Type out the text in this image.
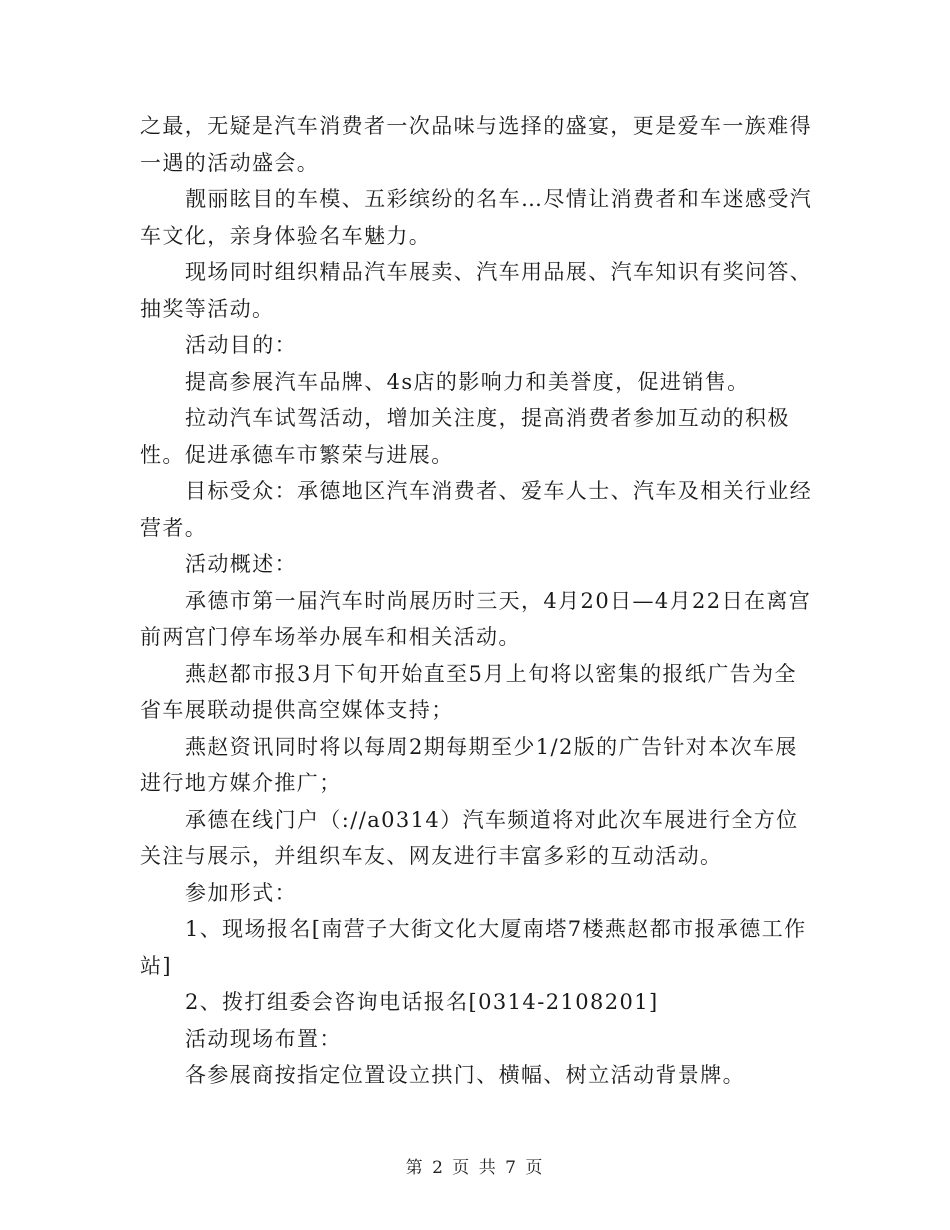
之最，无疑是汽车消费者一次品味与选择的盛宴，更是爱车一族难得一遇的活动盛会。

靓丽眩目的车模、五彩缤纷的名车…尽情让消费者和车迷感受汽车文化，亲身体验名车魅力。

现场同时组织精品汽车展卖、汽车用品展、汽车知识有奖问答、抽奖等活动。

活动目的：

提高参展汽车品牌、4s店的影响力和美誉度，促进销售。

拉动汽车试驾活动，增加关注度，提高消费者参加互动的积极性。促进承德车市繁荣与进展。

目标受众：承德地区汽车消费者、爱车人士、汽车及相关行业经营者。

活动概述：

承德市第一届汽车时尚展历时三天，4月20日—4月22日在离宫前两宫门停车场举办展车和相关活动。

燕赵都市报3月下旬开始直至5月上旬将以密集的报纸广告为全省车展联动提供高空媒体支持；

燕赵资讯同时将以每周2期每期至少1/2版的广告针对本次车展进行地方媒介推广；

承德在线门户（://a0314）汽车频道将对此次车展进行全方位关注与展示，并组织车友、网友进行丰富多彩的互动活动。

参加形式：

1、现场报名[南营子大街文化大厦南塔7楼燕赵都市报承德工作站]

2、拨打组委会咨询电话报名[0314-2108201]

活动现场布置：

各参展商按指定位置设立拱门、横幅、树立活动背景牌。

第 2 页 共 7 页
